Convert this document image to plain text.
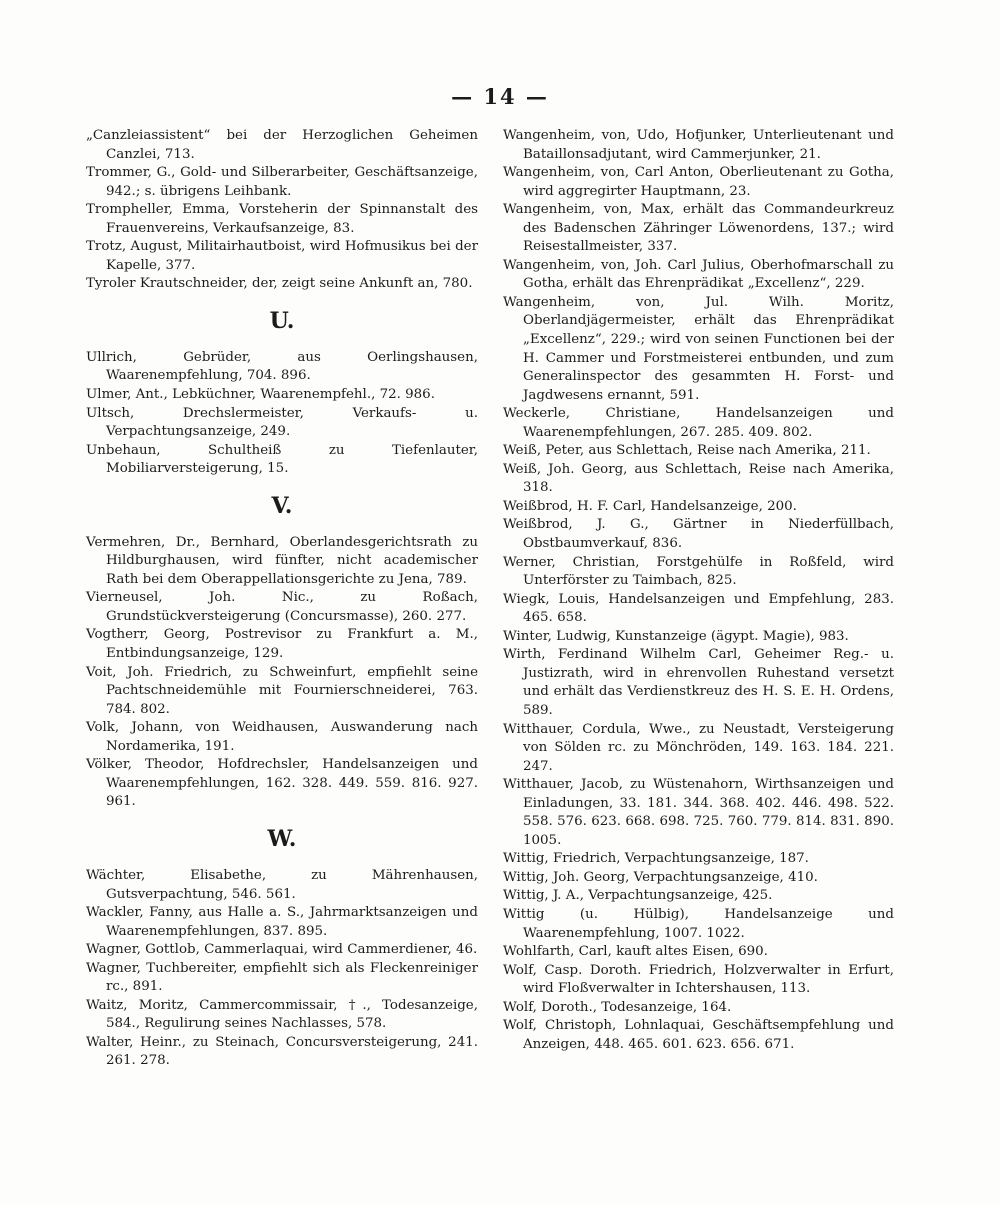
— 14 —

„Canzleiassistent“ bei der Herzoglichen Geheimen Canzlei, 713.

Trommer, G., Gold- und Silberarbeiter, Geschäftsanzeige, 942.; s. übrigens Leihbank.

Trompheller, Emma, Vorsteherin der Spinnanstalt des Frauenvereins, Verkaufsanzeige, 83.

Trotz, August, Militairhautboist, wird Hofmusikus bei der Kapelle, 377.

Tyroler Krautschneider, der, zeigt seine Ankunft an, 780.

U.

Ullrich, Gebrüder, aus Oerlingshausen, Waarenempfehlung, 704. 896.

Ulmer, Ant., Lebküchner, Waarenempfehl., 72. 986.

Ultsch, Drechslermeister, Verkaufs- u. Verpachtungsanzeige, 249.

Unbehaun, Schultheiß zu Tiefenlauter, Mobiliarversteigerung, 15.

V.

Vermehren, Dr., Bernhard, Oberlandesgerichtsrath zu Hildburghausen, wird fünfter, nicht academischer Rath bei dem Oberappellationsgerichte zu Jena, 789.

Vierneusel, Joh. Nic., zu Roßach, Grundstückversteigerung (Concursmasse), 260. 277.

Vogtherr, Georg, Postrevisor zu Frankfurt a. M., Entbindungsanzeige, 129.

Voit, Joh. Friedrich, zu Schweinfurt, empfiehlt seine Pachtschneidemühle mit Fournierschneiderei, 763. 784. 802.

Volk, Johann, von Weidhausen, Auswanderung nach Nordamerika, 191.

Völker, Theodor, Hofdrechsler, Handelsanzeigen und Waarenempfehlungen, 162. 328. 449. 559. 816. 927. 961.

W.

Wächter, Elisabethe, zu Mährenhausen, Gutsverpachtung, 546. 561.

Wackler, Fanny, aus Halle a. S., Jahrmarktsanzeigen und Waarenempfehlungen, 837. 895.

Wagner, Gottlob, Cammerlaquai, wird Cammerdiener, 46.

Wagner, Tuchbereiter, empfiehlt sich als Fleckenreiniger rc., 891.

Waitz, Moritz, Cammercommissair, †., Todesanzeige, 584., Regulirung seines Nachlasses, 578.

Walter, Heinr., zu Steinach, Concursversteigerung, 241. 261. 278.

Wangenheim, von, Udo, Hofjunker, Unterlieutenant und Bataillonsadjutant, wird Cammerjunker, 21.

Wangenheim, von, Carl Anton, Oberlieutenant zu Gotha, wird aggregirter Hauptmann, 23.

Wangenheim, von, Max, erhält das Commandeurkreuz des Badenschen Zähringer Löwenordens, 137.; wird Reisestallmeister, 337.

Wangenheim, von, Joh. Carl Julius, Oberhofmarschall zu Gotha, erhält das Ehrenprädikat „Excellenz“, 229.

Wangenheim, von, Jul. Wilh. Moritz, Oberlandjägermeister, erhält das Ehrenprädikat „Excellenz“, 229.; wird von seinen Functionen bei der H. Cammer und Forstmeisterei entbunden, und zum Generalinspector des gesammten H. Forst- und Jagdwesens ernannt, 591.

Weckerle, Christiane, Handelsanzeigen und Waarenempfehlungen, 267. 285. 409. 802.

Weiß, Peter, aus Schlettach, Reise nach Amerika, 211.

Weiß, Joh. Georg, aus Schlettach, Reise nach Amerika, 318.

Weißbrod, H. F. Carl, Handelsanzeige, 200.

Weißbrod, J. G., Gärtner in Niederfüllbach, Obstbaumverkauf, 836.

Werner, Christian, Forstgehülfe in Roßfeld, wird Unterförster zu Taimbach, 825.

Wiegk, Louis, Handelsanzeigen und Empfehlung, 283. 465. 658.

Winter, Ludwig, Kunstanzeige (ägypt. Magie), 983.

Wirth, Ferdinand Wilhelm Carl, Geheimer Reg.- u. Justizrath, wird in ehrenvollen Ruhestand versetzt und erhält das Verdienstkreuz des H. S. E. H. Ordens, 589.

Witthauer, Cordula, Wwe., zu Neustadt, Versteigerung von Sölden rc. zu Mönchröden, 149. 163. 184. 221. 247.

Witthauer, Jacob, zu Wüstenahorn, Wirthsanzeigen und Einladungen, 33. 181. 344. 368. 402. 446. 498. 522. 558. 576. 623. 668. 698. 725. 760. 779. 814. 831. 890. 1005.

Wittig, Friedrich, Verpachtungsanzeige, 187.

Wittig, Joh. Georg, Verpachtungsanzeige, 410.

Wittig, J. A., Verpachtungsanzeige, 425.

Wittig (u. Hülbig), Handelsanzeige und Waarenempfehlung, 1007. 1022.

Wohlfarth, Carl, kauft altes Eisen, 690.

Wolf, Casp. Doroth. Friedrich, Holzverwalter in Erfurt, wird Floßverwalter in Ichtershausen, 113.

Wolf, Doroth., Todesanzeige, 164.

Wolf, Christoph, Lohnlaquai, Geschäftsempfehlung und Anzeigen, 448. 465. 601. 623. 656. 671.
